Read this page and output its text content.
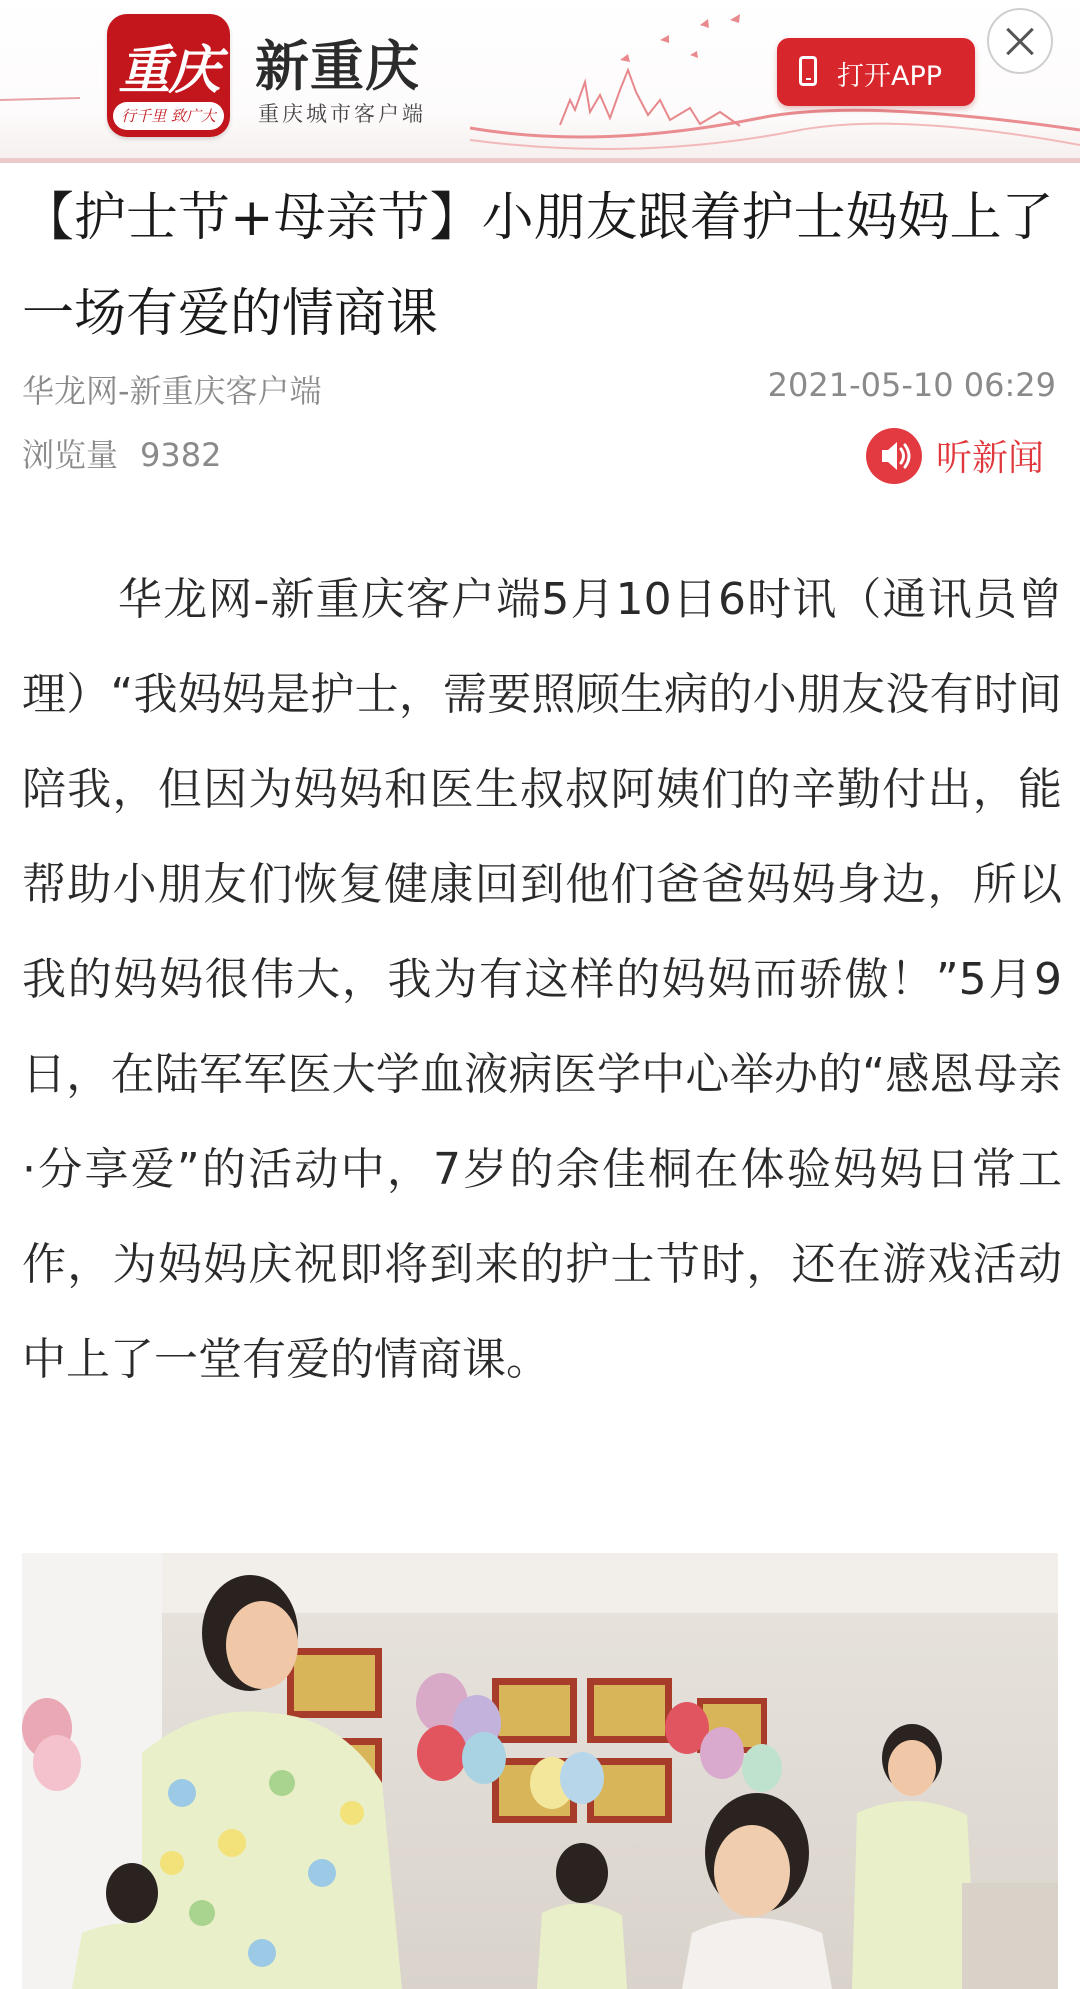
重庆
行千里 致广大
新重庆
重庆城市客户端
打开APP
【护士节+母亲节】小朋友跟着护士妈妈上了一场有爱的情商课
华龙网-新重庆客户端	2021-05-10 06:29
浏览量 9382	听新闻
华龙网-新重庆客户端5月10日6时讯（通讯员曾理）“我妈妈是护士，需要照顾生病的小朋友没有时间陪我，但因为妈妈和医生叔叔阿姨们的辛勤付出，能帮助小朋友们恢复健康回到他们爸爸妈妈身边，所以我的妈妈很伟大，我为有这样的妈妈而骄傲！”5月9日，在陆军军医大学血液病医学中心举办的“感恩母亲·分享爱”的活动中，7岁的余佳桐在体验妈妈日常工作，为妈妈庆祝即将到来的护士节时，还在游戏活动中上了一堂有爱的情商课。
